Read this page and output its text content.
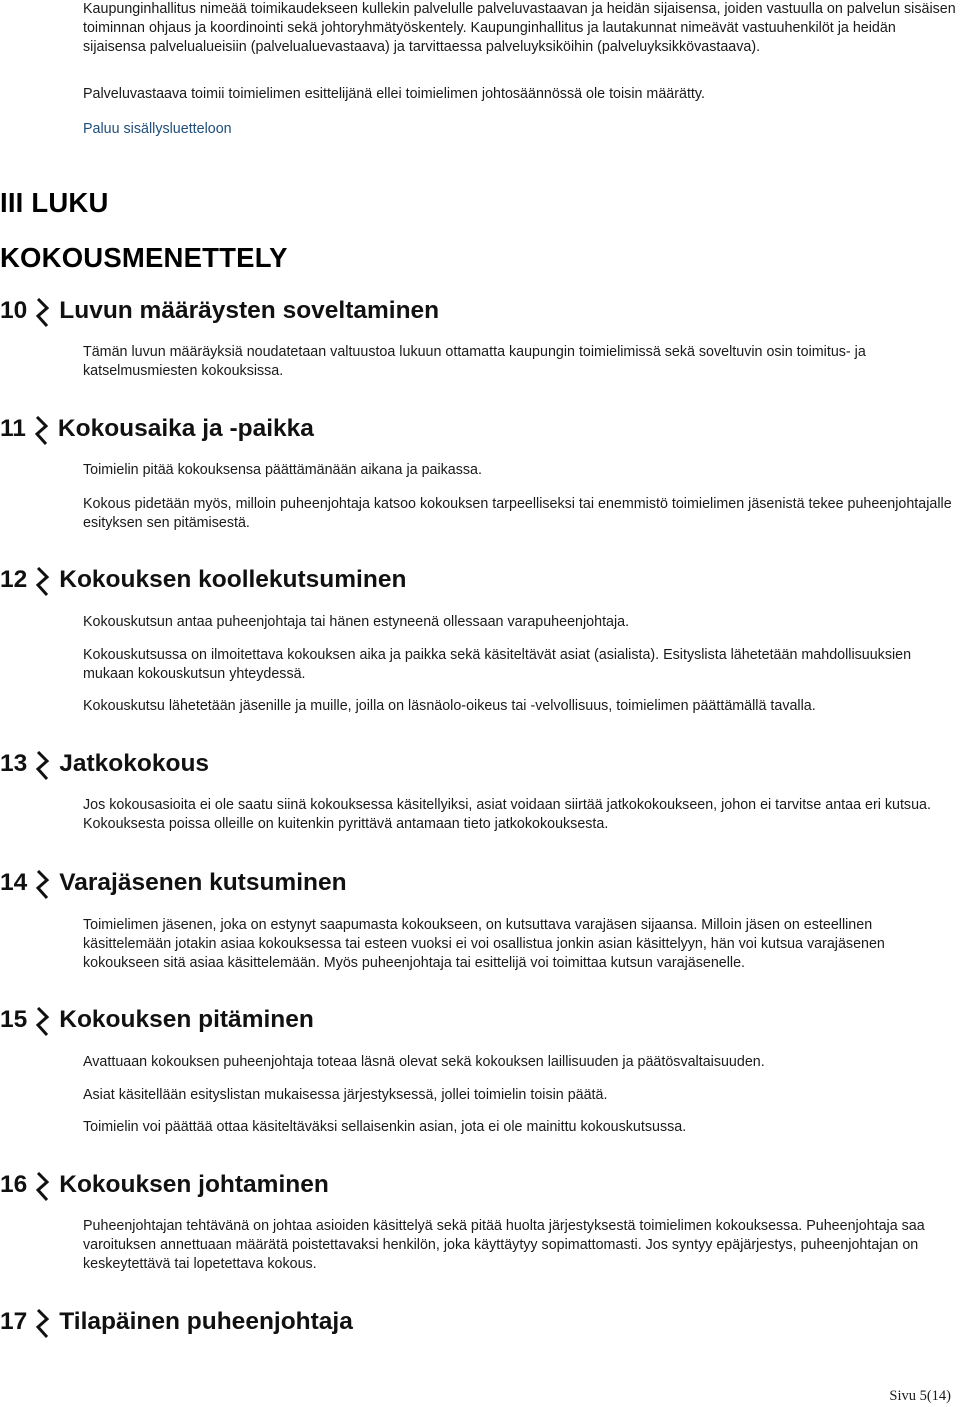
Kaupunginhallitus nimeää toimikaudekseen kullekin palvelulle palveluvastaavan ja heidän sijaisensa, joiden vastuulla on palvelun sisäisen toiminnan ohjaus ja koordinointi sekä johtoryhmätyöskentely. Kaupunginhallitus ja lautakunnat nimeävät vastuuhenkilöt ja heidän sijaisensa palvelualueisiin (palvelualuevastaava) ja tarvittaessa palveluyksiköihin (palveluyksikkövastaava).

Palveluvastaava toimii toimielimen esittelijänä ellei toimielimen johtosäännössä ole toisin määrätty.

Paluu sisällysluetteloon
III LUKU
KOKOUSMENETTELY
10 Luvun määräysten soveltaminen

Tämän luvun määräyksiä noudatetaan valtuustoa lukuun ottamatta kaupungin toimielimissä sekä soveltuvin osin toimitus- ja katselmusmiesten kokouksissa.

11 Kokousaika ja -paikka

Toimielin pitää kokouksensa päättämänään aikana ja paikassa.

Kokous pidetään myös, milloin puheenjohtaja katsoo kokouksen tarpeelliseksi tai enemmistö toimielimen jäsenistä tekee puheenjohtajalle esityksen sen pitämisestä.

12 Kokouksen koollekutsuminen

Kokouskutsun antaa puheenjohtaja tai hänen estyneenä ollessaan varapuheenjohtaja.

Kokouskutsussa on ilmoitettava kokouksen aika ja paikka sekä käsiteltävät asiat (asialista). Esityslista lähetetään mahdollisuuksien mukaan kokouskutsun yhteydessä.

Kokouskutsu lähetetään jäsenille ja muille, joilla on läsnäolo-oikeus tai -velvollisuus, toimielimen päättämällä tavalla.

13 Jatkokokous

Jos kokousasioita ei ole saatu siinä kokouksessa käsitellyiksi, asiat voidaan siirtää jatkokokoukseen, johon ei tarvitse antaa eri kutsua. Kokouksesta poissa olleille on kuitenkin pyrittävä antamaan tieto jatkokokouksesta.

14 Varajäsenen kutsuminen

Toimielimen jäsenen, joka on estynyt saapumasta kokoukseen, on kutsuttava varajäsen sijaansa. Milloin jäsen on esteellinen käsittelemään jotakin asiaa kokouksessa tai esteen vuoksi ei voi osallistua jonkin asian käsittelyyn, hän voi kutsua varajäsenen kokoukseen sitä asiaa käsittelemään. Myös puheenjohtaja tai esittelijä voi toimittaa kutsun varajäsenelle.

15 Kokouksen pitäminen

Avattuaan kokouksen puheenjohtaja toteaa läsnä olevat sekä kokouksen laillisuuden ja päätösvaltaisuuden.

Asiat käsitellään esityslistan mukaisessa järjestyksessä, jollei toimielin toisin päätä.

Toimielin voi päättää ottaa käsiteltäväksi sellaisenkin asian, jota ei ole mainittu kokouskutsussa.

16 Kokouksen johtaminen

Puheenjohtajan tehtävänä on johtaa asioiden käsittelyä sekä pitää huolta järjestyksestä toimielimen kokouksessa. Puheenjohtaja saa varoituksen annettuaan määrätä poistettavaksi henkilön, joka käyttäytyy sopimattomasti. Jos syntyy epäjärjestys, puheenjohtajan on keskeytettävä tai lopetettava kokous.

17 Tilapäinen puheenjohtaja
Sivu 5(14)
